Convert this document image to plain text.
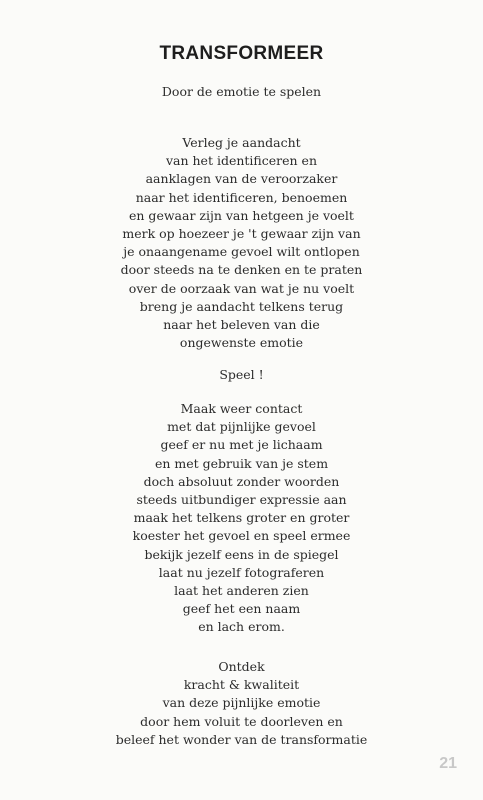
TRANSFORMEER
Door de emotie te spelen
Verleg je aandacht
van het identificeren en
aanklagen van de veroorzaker
naar het identificeren, benoemen
en gewaar zijn van hetgeen je voelt
merk op hoezeer je 't gewaar zijn van
je onaangename gevoel wilt ontlopen
door steeds na te denken en te praten
over de oorzaak van wat je nu voelt
breng je aandacht telkens terug
naar het beleven van die
ongewenste emotie
Speel !
Maak weer contact
met dat pijnlijke gevoel
geef er nu met je lichaam
en met gebruik van je stem
doch absoluut zonder woorden
steeds uitbundiger expressie aan
maak het telkens groter en groter
koester het gevoel en speel ermee
bekijk jezelf eens in de spiegel
laat nu jezelf fotograferen
laat het anderen zien
geef het een naam
en lach erom.
Ontdek
kracht & kwaliteit
van deze pijnlijke emotie
door hem voluit te doorleven en
beleef het wonder van de transformatie
21
